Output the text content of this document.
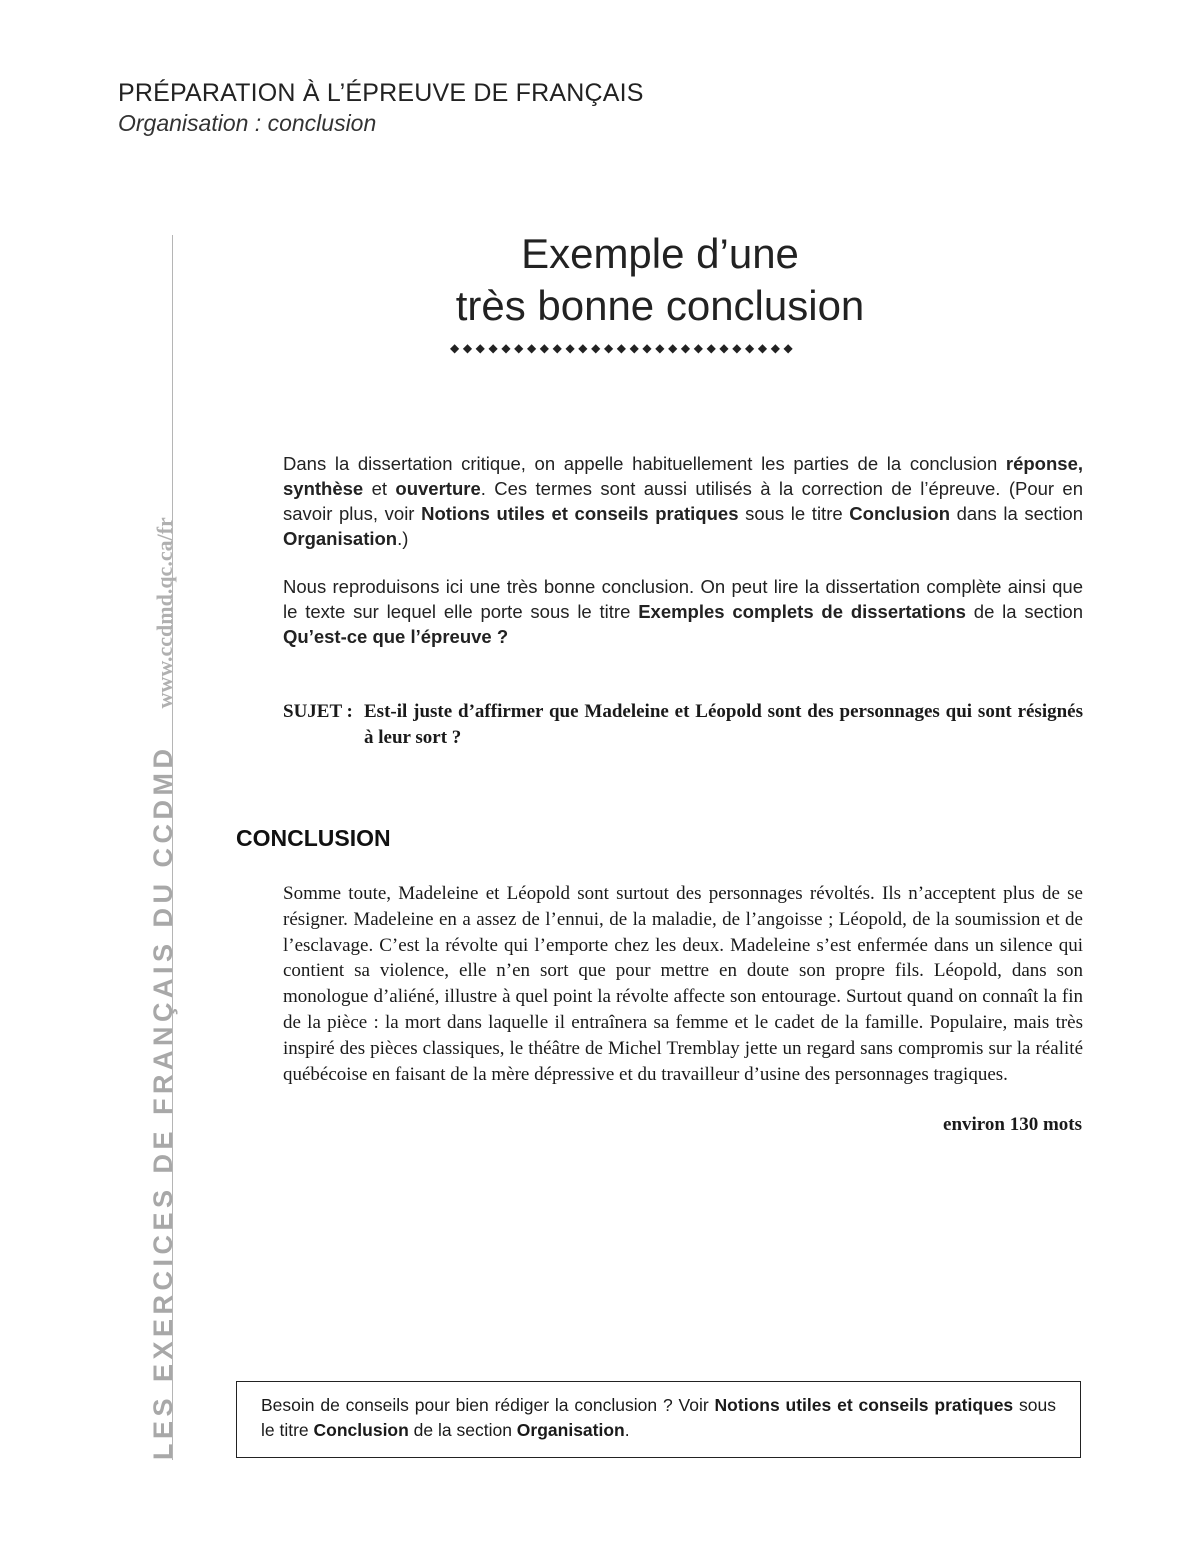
PRÉPARATION À L’ÉPREUVE DE FRANÇAIS
Organisation : conclusion
LES EXERCICES DE FRANÇAIS DU CCDMD
www.ccdmd.qc.ca/fr
Exemple d’une
très bonne conclusion
◆◆◆◆◆◆◆◆◆◆◆◆◆◆◆◆◆◆◆◆◆◆◆◆◆◆◆
Dans la dissertation critique, on appelle habituellement les parties de la conclusion réponse, synthèse et ouverture. Ces termes sont aussi utilisés à la correction de l’épreuve. (Pour en savoir plus, voir Notions utiles et conseils pratiques sous le titre Conclusion dans la section Organisation.)
Nous reproduisons ici une très bonne conclusion. On peut lire la dissertation complète ainsi que le texte sur lequel elle porte sous le titre Exemples complets de dissertations de la section Qu’est-ce que l’épreuve ?
SUJET : Est-il juste d’affirmer que Madeleine et Léopold sont des personnages qui sont résignés à leur sort ?
CONCLUSION
Somme toute, Madeleine et Léopold sont surtout des personnages révoltés. Ils n’acceptent plus de se résigner. Madeleine en a assez de l’ennui, de la maladie, de l’angoisse ; Léopold, de la soumission et de l’esclavage. C’est la révolte qui l’emporte chez les deux. Madeleine s’est enfermée dans un silence qui contient sa violence, elle n’en sort que pour mettre en doute son propre fils. Léopold, dans son monologue d’aliéné, illustre à quel point la révolte affecte son entourage. Surtout quand on connaît la fin de la pièce : la mort dans laquelle il entraînera sa femme et le cadet de la famille. Populaire, mais très inspiré des pièces classiques, le théâtre de Michel Tremblay jette un regard sans compromis sur la réalité québécoise en faisant de la mère dépressive et du travailleur d’usine des personnages tragiques.
environ 130 mots

Besoin de conseils pour bien rédiger la conclusion ? Voir Notions utiles et conseils pratiques sous le titre Conclusion de la section Organisation.
